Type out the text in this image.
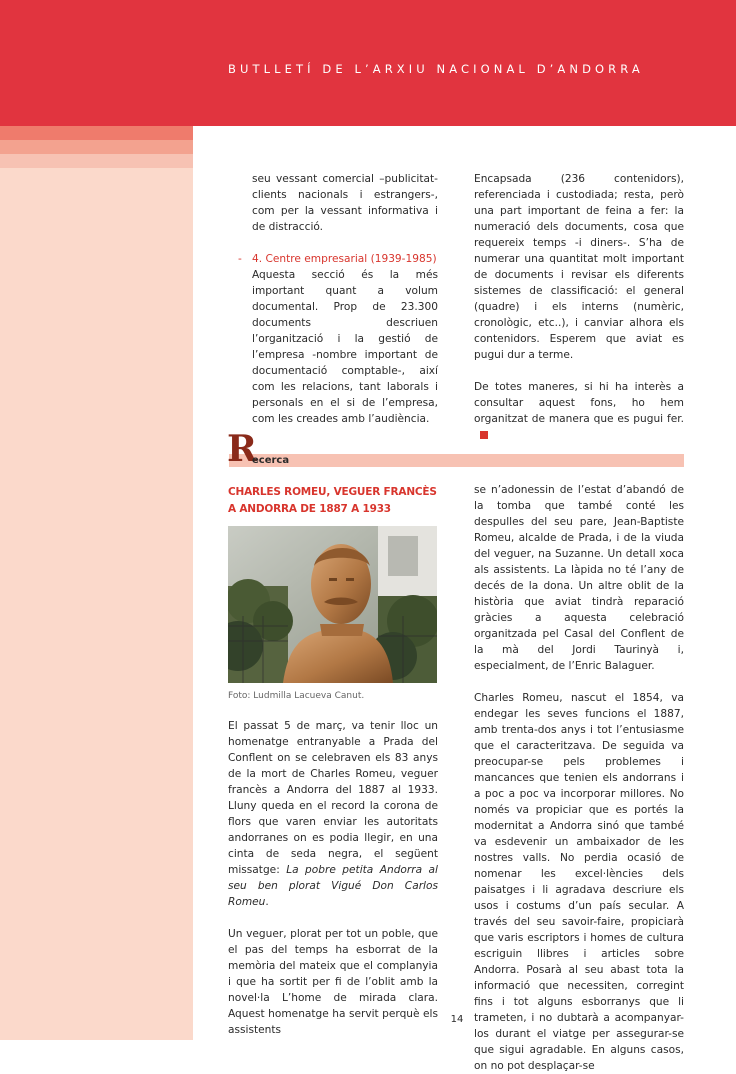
BUTLLETÍ DE L’ARXIU NACIONAL D’ANDORRA

seu vessant comercial –publicitat-clients nacionals i estrangers-, com per la vessant informativa i de distracció.

- 4. Centre empresarial (1939-1985)
Aquesta secció és la més important quant a volum documental. Prop de 23.300 documents descriuen l’organització i la gestió de l’empresa -nombre important de documentació comptable-, així com les relacions, tant laborals i personals en el si de l’empresa, com les creades amb l’audiència.

Encapsada (236 contenidors), referenciada i custodiada; resta, però una part important de feina a fer: la numeració dels documents, cosa que requereix temps -i diners-. S’ha de numerar una quantitat molt important de documents i revisar els diferents sistemes de classificació: el general (quadre) i els interns (numèric, cronològic, etc..), i canviar alhora els contenidors. Esperem que aviat es pugui dur a terme.

De totes maneres, si hi ha interès a consultar aquest fons, ho hem organitzat de manera que es pugui fer.

R
ecerca
CHARLES ROMEU, VEGUER FRANCÈS A ANDORRA DE 1887 A 1933
Foto: Ludmilla Lacueva Canut.

El passat 5 de març, va tenir lloc un homenatge entranyable a Prada del Conflent on se celebraven els 83 anys de la mort de Charles Romeu, veguer francès a Andorra del 1887 al 1933. Lluny queda en el record la corona de flors que varen enviar les autoritats andorranes on es podia llegir, en una cinta de seda negra, el següent missatge: La pobre petita Andorra al seu ben plorat Vigué Don Carlos Romeu.

Un veguer, plorat per tot un poble, que el pas del temps ha esborrat de la memòria del mateix que el complanyia i que ha sortit per fi de l’oblit amb la novel·la L’home de mirada clara. Aquest homenatge ha servit perquè els assistents

se n’adonessin de l’estat d’abandó de la tomba que també conté les despulles del seu pare, Jean-Baptiste Romeu, alcalde de Prada, i de la viuda del veguer, na Suzanne. Un detall xoca als assistents. La làpida no té l’any de decés de la dona. Un altre oblit de la història que aviat tindrà reparació gràcies a aquesta celebració organitzada pel Casal del Conflent de la mà del Jordi Taurinyà i, especialment, de l’Enric Balaguer.

Charles Romeu, nascut el 1854, va endegar les seves funcions el 1887, amb trenta-dos anys i tot l’entusiasme que el caracteritzava. De seguida va preocupar-se pels problemes i mancances que tenien els andorrans i a poc a poc va incorporar millores. No només va propiciar que es portés la modernitat a Andorra sinó que també va esdevenir un ambaixador de les nostres valls. No perdia ocasió de nomenar les excel·lències dels paisatges i li agradava descriure els usos i costums d’un país secular. A través del seu savoir-faire, propiciarà que varis escriptors i homes de cultura escriguin llibres i articles sobre Andorra. Posarà al seu abast tota la informació que necessiten, corregint fins i tot alguns esborranys que li trameten, i no dubtarà a acompanyar-los durant el viatge per assegurar-se que sigui agradable. En alguns casos, on no pot desplaçar-se

14
